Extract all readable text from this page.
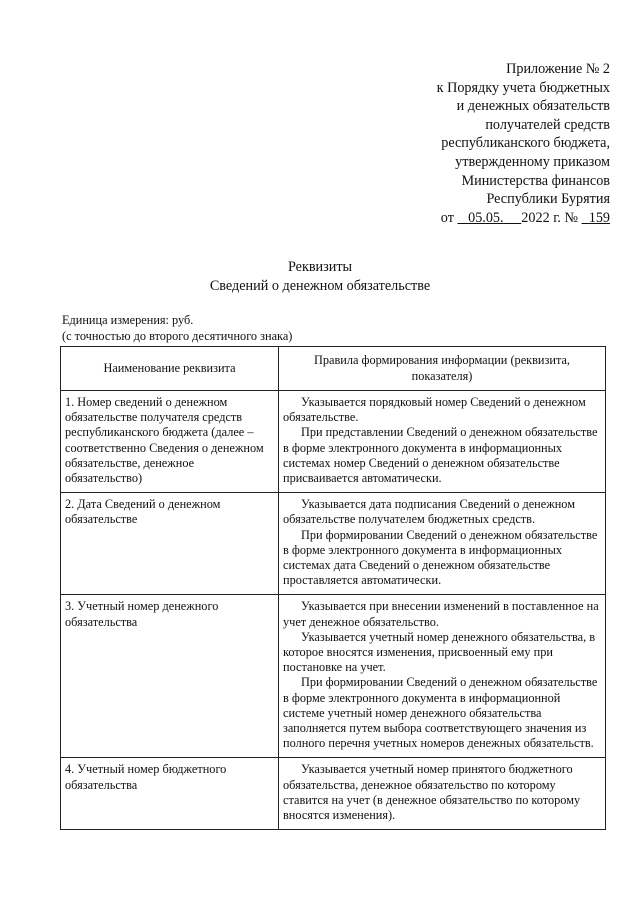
Приложение № 2
к Порядку учета бюджетных
и денежных обязательств
получателей средств
республиканского бюджета,
утвержденному приказом
Министерства финансов
Республики Бурятия
от    05.05. 2022 г. №   159
Реквизиты
Сведений о денежном обязательстве
Единица измерения: руб.
(с точностью до второго десятичного знака)
Наименование реквизита	Правила формирования информации (реквизита, показателя)
1. Номер сведений о денежном обязательстве получателя средств республиканского бюджета (далее – соответственно Сведения о денежном обязательстве, денежное обязательство)	Указывается порядковый номер Сведений о денежном обязательстве.

При представлении Сведений о денежном обязательстве в форме электронного документа в информационных системах номер Сведений о денежном обязательстве присваивается автоматически.

2. Дата Сведений о денежном обязательстве	Указывается дата подписания Сведений о денежном обязательстве получателем бюджетных средств.

При формировании Сведений о денежном обязательстве в форме электронного документа в информационных системах дата Сведений о денежном обязательстве проставляется автоматически.

3. Учетный номер денежного обязательства	Указывается при внесении изменений в поставленное на учет денежное обязательство.

Указывается учетный номер денежного обязательства, в которое вносятся изменения, присвоенный ему при постановке на учет.

При формировании Сведений о денежном обязательстве в форме электронного документа в информационной системе учетный номер денежного обязательства заполняется путем выбора соответствующего значения из полного перечня учетных номеров денежных обязательств.

4. Учетный номер бюджетного обязательства	Указывается учетный номер принятого бюджетного обязательства, денежное обязательство по которому ставится на учет (в денежное обязательство по которому вносятся изменения).
